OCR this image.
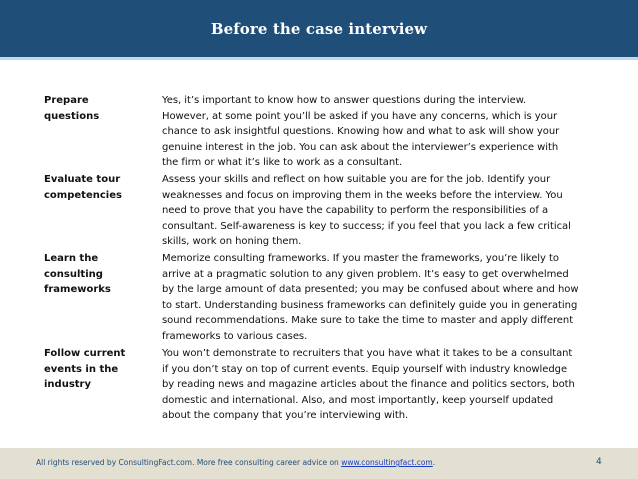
Before the case interview
Prepare
questions
Yes, it’s important to know how to answer questions during the interview.
However, at some point you’ll be asked if you have any concerns, which is your
chance to ask insightful questions. Knowing how and what to ask will show your
genuine interest in the job. You can ask about the interviewer’s experience with
the firm or what it’s like to work as a consultant.
Evaluate tour
competencies
Assess your skills and reflect on how suitable you are for the job. Identify your
weaknesses and focus on improving them in the weeks before the interview. You
need to prove that you have the capability to perform the responsibilities of a
consultant. Self-awareness is key to success; if you feel that you lack a few critical
skills, work on honing them.
Learn the
consulting
frameworks
Memorize consulting frameworks. If you master the frameworks, you’re likely to
arrive at a pragmatic solution to any given problem. It’s easy to get overwhelmed
by the large amount of data presented; you may be confused about where and how
to start. Understanding business frameworks can definitely guide you in generating
sound recommendations. Make sure to take the time to master and apply different
frameworks to various cases.
Follow current
events in the
industry
You won’t demonstrate to recruiters that you have what it takes to be a consultant
if you don’t stay on top of current events. Equip yourself with industry knowledge
by reading news and magazine articles about the finance and politics sectors, both
domestic and international. Also, and most importantly, keep yourself updated
about the company that you’re interviewing with.
All rights reserved by ConsultingFact.com. More free consulting career advice on www.consultingfact.com.	4
